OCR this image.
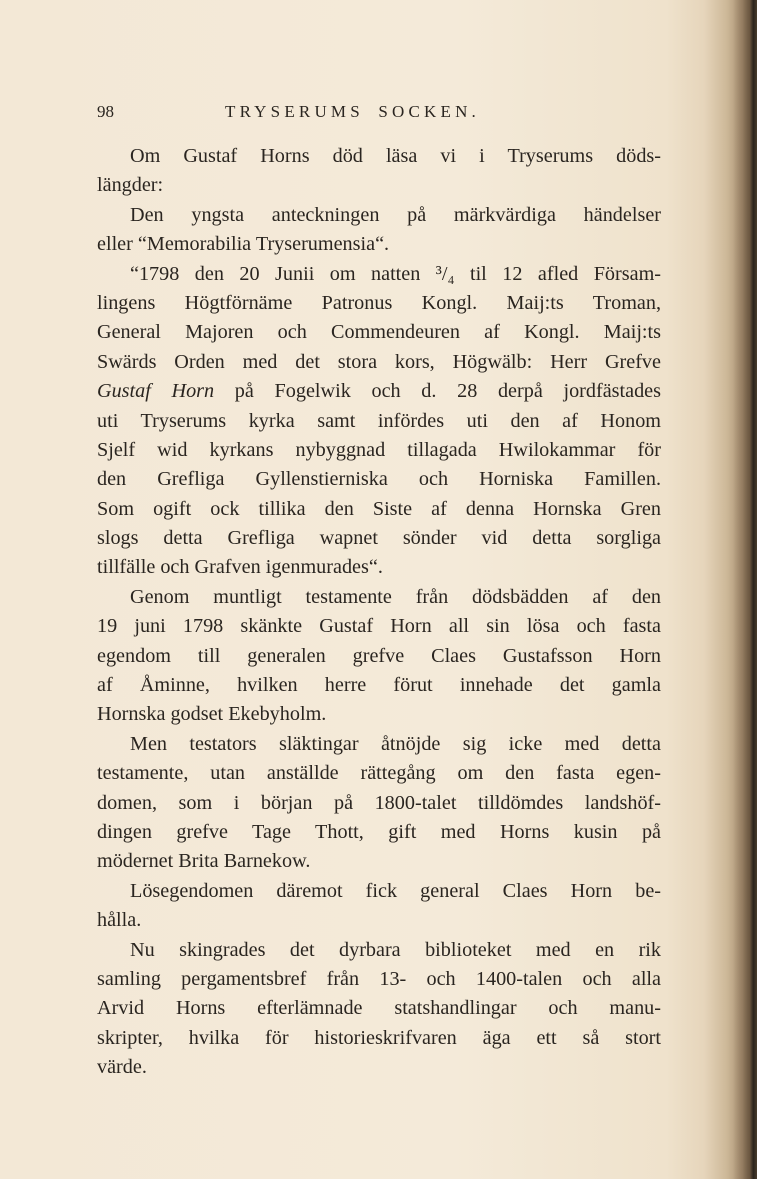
98	TRYSERUMS SOCKEN.
Om Gustaf Horns död läsa vi i Tryserums döds-
längder:
Den yngsta anteckningen på märkvärdiga händelser
eller “Memorabilia Tryserumensia“.
“1798 den 20 Junii om natten ³/₄ til 12 afled Försam-
lingens Högtförnäme Patronus Kongl. Maij:ts Troman,
General Majoren och Commendeuren af Kongl. Maij:ts
Swärds Orden med det stora kors, Högwälb: Herr Grefve
Gustaf Horn på Fogelwik och d. 28 derpå jordfästades
uti Tryserums kyrka samt infördes uti den af Honom
Sjelf wid kyrkans nybyggnad tillagada Hwilokammar för
den Grefliga Gyllenstierniska och Horniska Famillen.
Som ogift ock tillika den Siste af denna Hornska Gren
slogs detta Grefliga wapnet sönder vid detta sorgliga
tillfälle och Grafven igenmurades“.
Genom muntligt testamente från dödsbädden af den
19 juni 1798 skänkte Gustaf Horn all sin lösa och fasta
egendom till generalen grefve Claes Gustafsson Horn
af Åminne, hvilken herre förut innehade det gamla
Hornska godset Ekebyholm.
Men testators släktingar åtnöjde sig icke med detta
testamente, utan anställde rättegång om den fasta egen-
domen, som i början på 1800-talet tilldömdes landshöf-
dingen grefve Tage Thott, gift med Horns kusin på
mödernet Brita Barnekow.
Lösegendomen däremot fick general Claes Horn be-
hålla.
Nu skingrades det dyrbara biblioteket med en rik
samling pergamentsbref från 13- och 1400-talen och alla
Arvid Horns efterlämnade statshandlingar och manu-
skripter, hvilka för historieskrifvaren äga ett så stort
värde.
